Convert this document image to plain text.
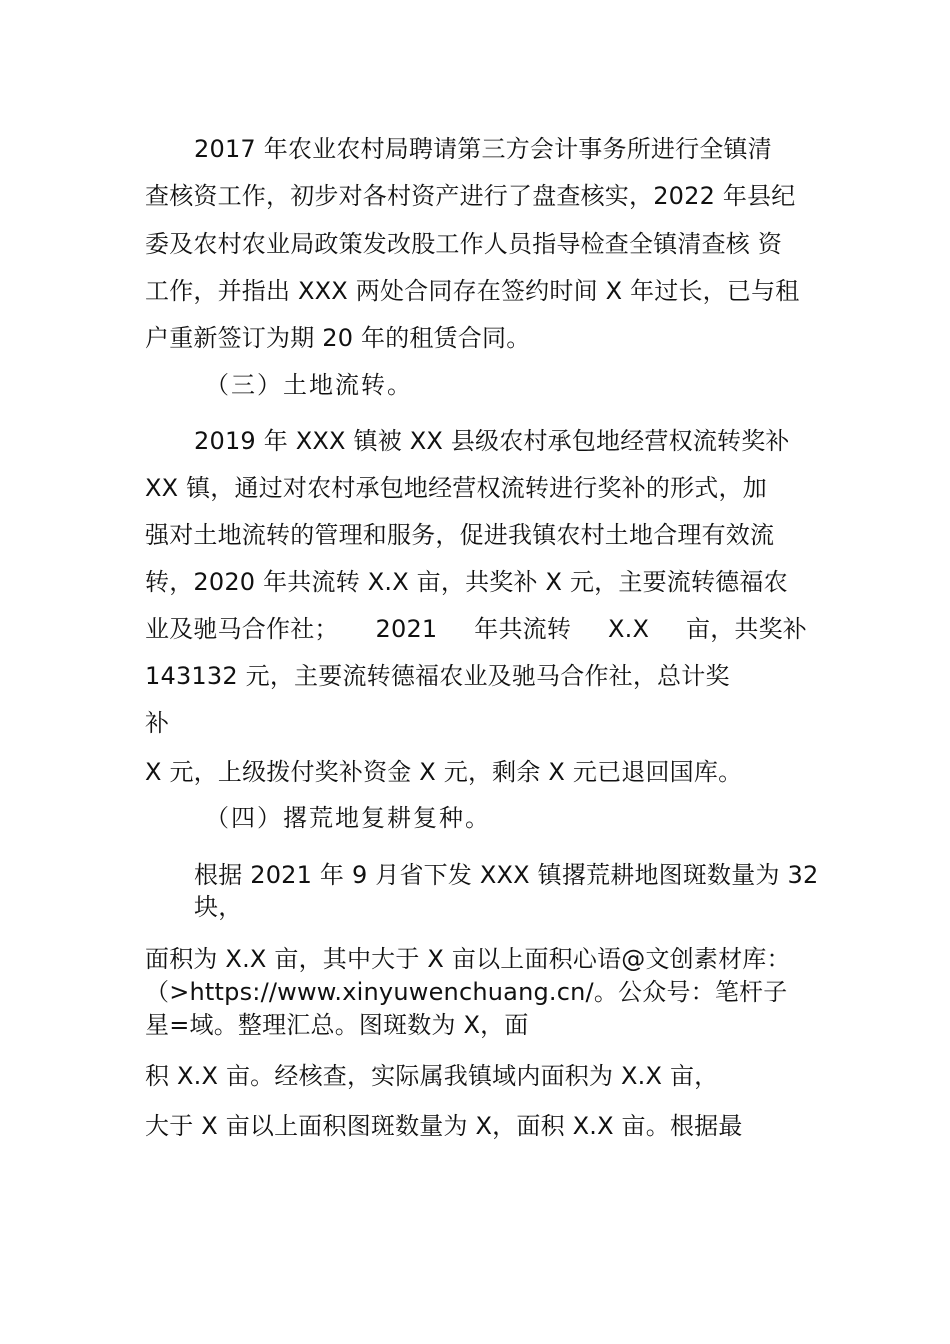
2017 年农业农村局聘请第三方会计事务所进行全镇清
查核资工作，初步对各村资产进行了盘查核实，2022 年县纪
委及农村农业局政策发改股工作人员指导检查全镇清查核 资
工作，并指出 XXX 两处合同存在签约时间 X 年过长，已与租
户重新签订为期 20 年的租赁合同。
（三）土地流转。
2019 年 XXX 镇被 XX 县级农村承包地经营权流转奖补
XX 镇，通过对农村承包地经营权流转进行奖补的形式，加
强对土地流转的管理和服务，促进我镇农村土地合理有效流
转，2020 年共流转 X.X 亩，共奖补 X 元，主要流转德福农
业及驰马合作社； 2021 年共流转 X.X 亩，共奖补
143132 元，主要流转德福农业及驰马合作社，总计奖
补
X 元，上级拨付奖补资金 X 元，剩余 X 元已退回国库。
（四）撂荒地复耕复种。
根据 2021 年 9 月省下发 XXX 镇撂荒耕地图斑数量为 32
块，
面积为 X.X 亩，其中大于 X 亩以上面积心语@文创素材库：
（>https://www.xinyuwenchuang.cn/。公众号：笔杆子
星=域。整理汇总。图斑数为 X，面
积 X.X 亩。经核查，实际属我镇域内面积为 X.X 亩，
大于 X 亩以上面积图斑数量为 X，面积 X.X 亩。根据最
